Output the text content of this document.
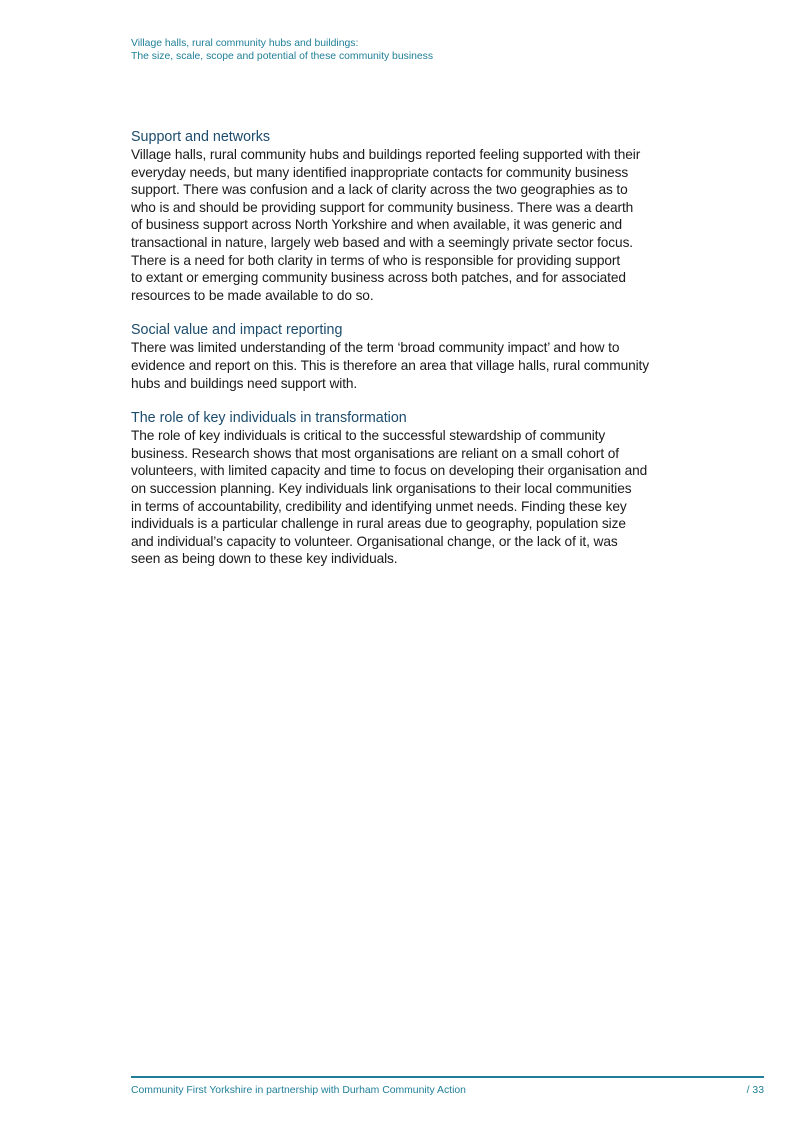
Village halls, rural community hubs and buildings:
The size, scale, scope and potential of these community business
Support and networks

Village halls, rural community hubs and buildings reported feeling supported with their
everyday needs, but many identified inappropriate contacts for community business
support. There was confusion and a lack of clarity across the two geographies as to
who is and should be providing support for community business. There was a dearth
of business support across North Yorkshire and when available, it was generic and
transactional in nature, largely web based and with a seemingly private sector focus.
There is a need for both clarity in terms of who is responsible for providing support
to extant or emerging community business across both patches, and for associated
resources to be made available to do so.

Social value and impact reporting

There was limited understanding of the term ‘broad community impact’ and how to
evidence and report on this. This is therefore an area that village halls, rural community
hubs and buildings need support with.

The role of key individuals in transformation

The role of key individuals is critical to the successful stewardship of community
business. Research shows that most organisations are reliant on a small cohort of
volunteers, with limited capacity and time to focus on developing their organisation and
on succession planning. Key individuals link organisations to their local communities
in terms of accountability, credibility and identifying unmet needs. Finding these key
individuals is a particular challenge in rural areas due to geography, population size
and individual’s capacity to volunteer. Organisational change, or the lack of it, was
seen as being down to these key individuals.

Community First Yorkshire in partnership with Durham Community Action	/ 33
